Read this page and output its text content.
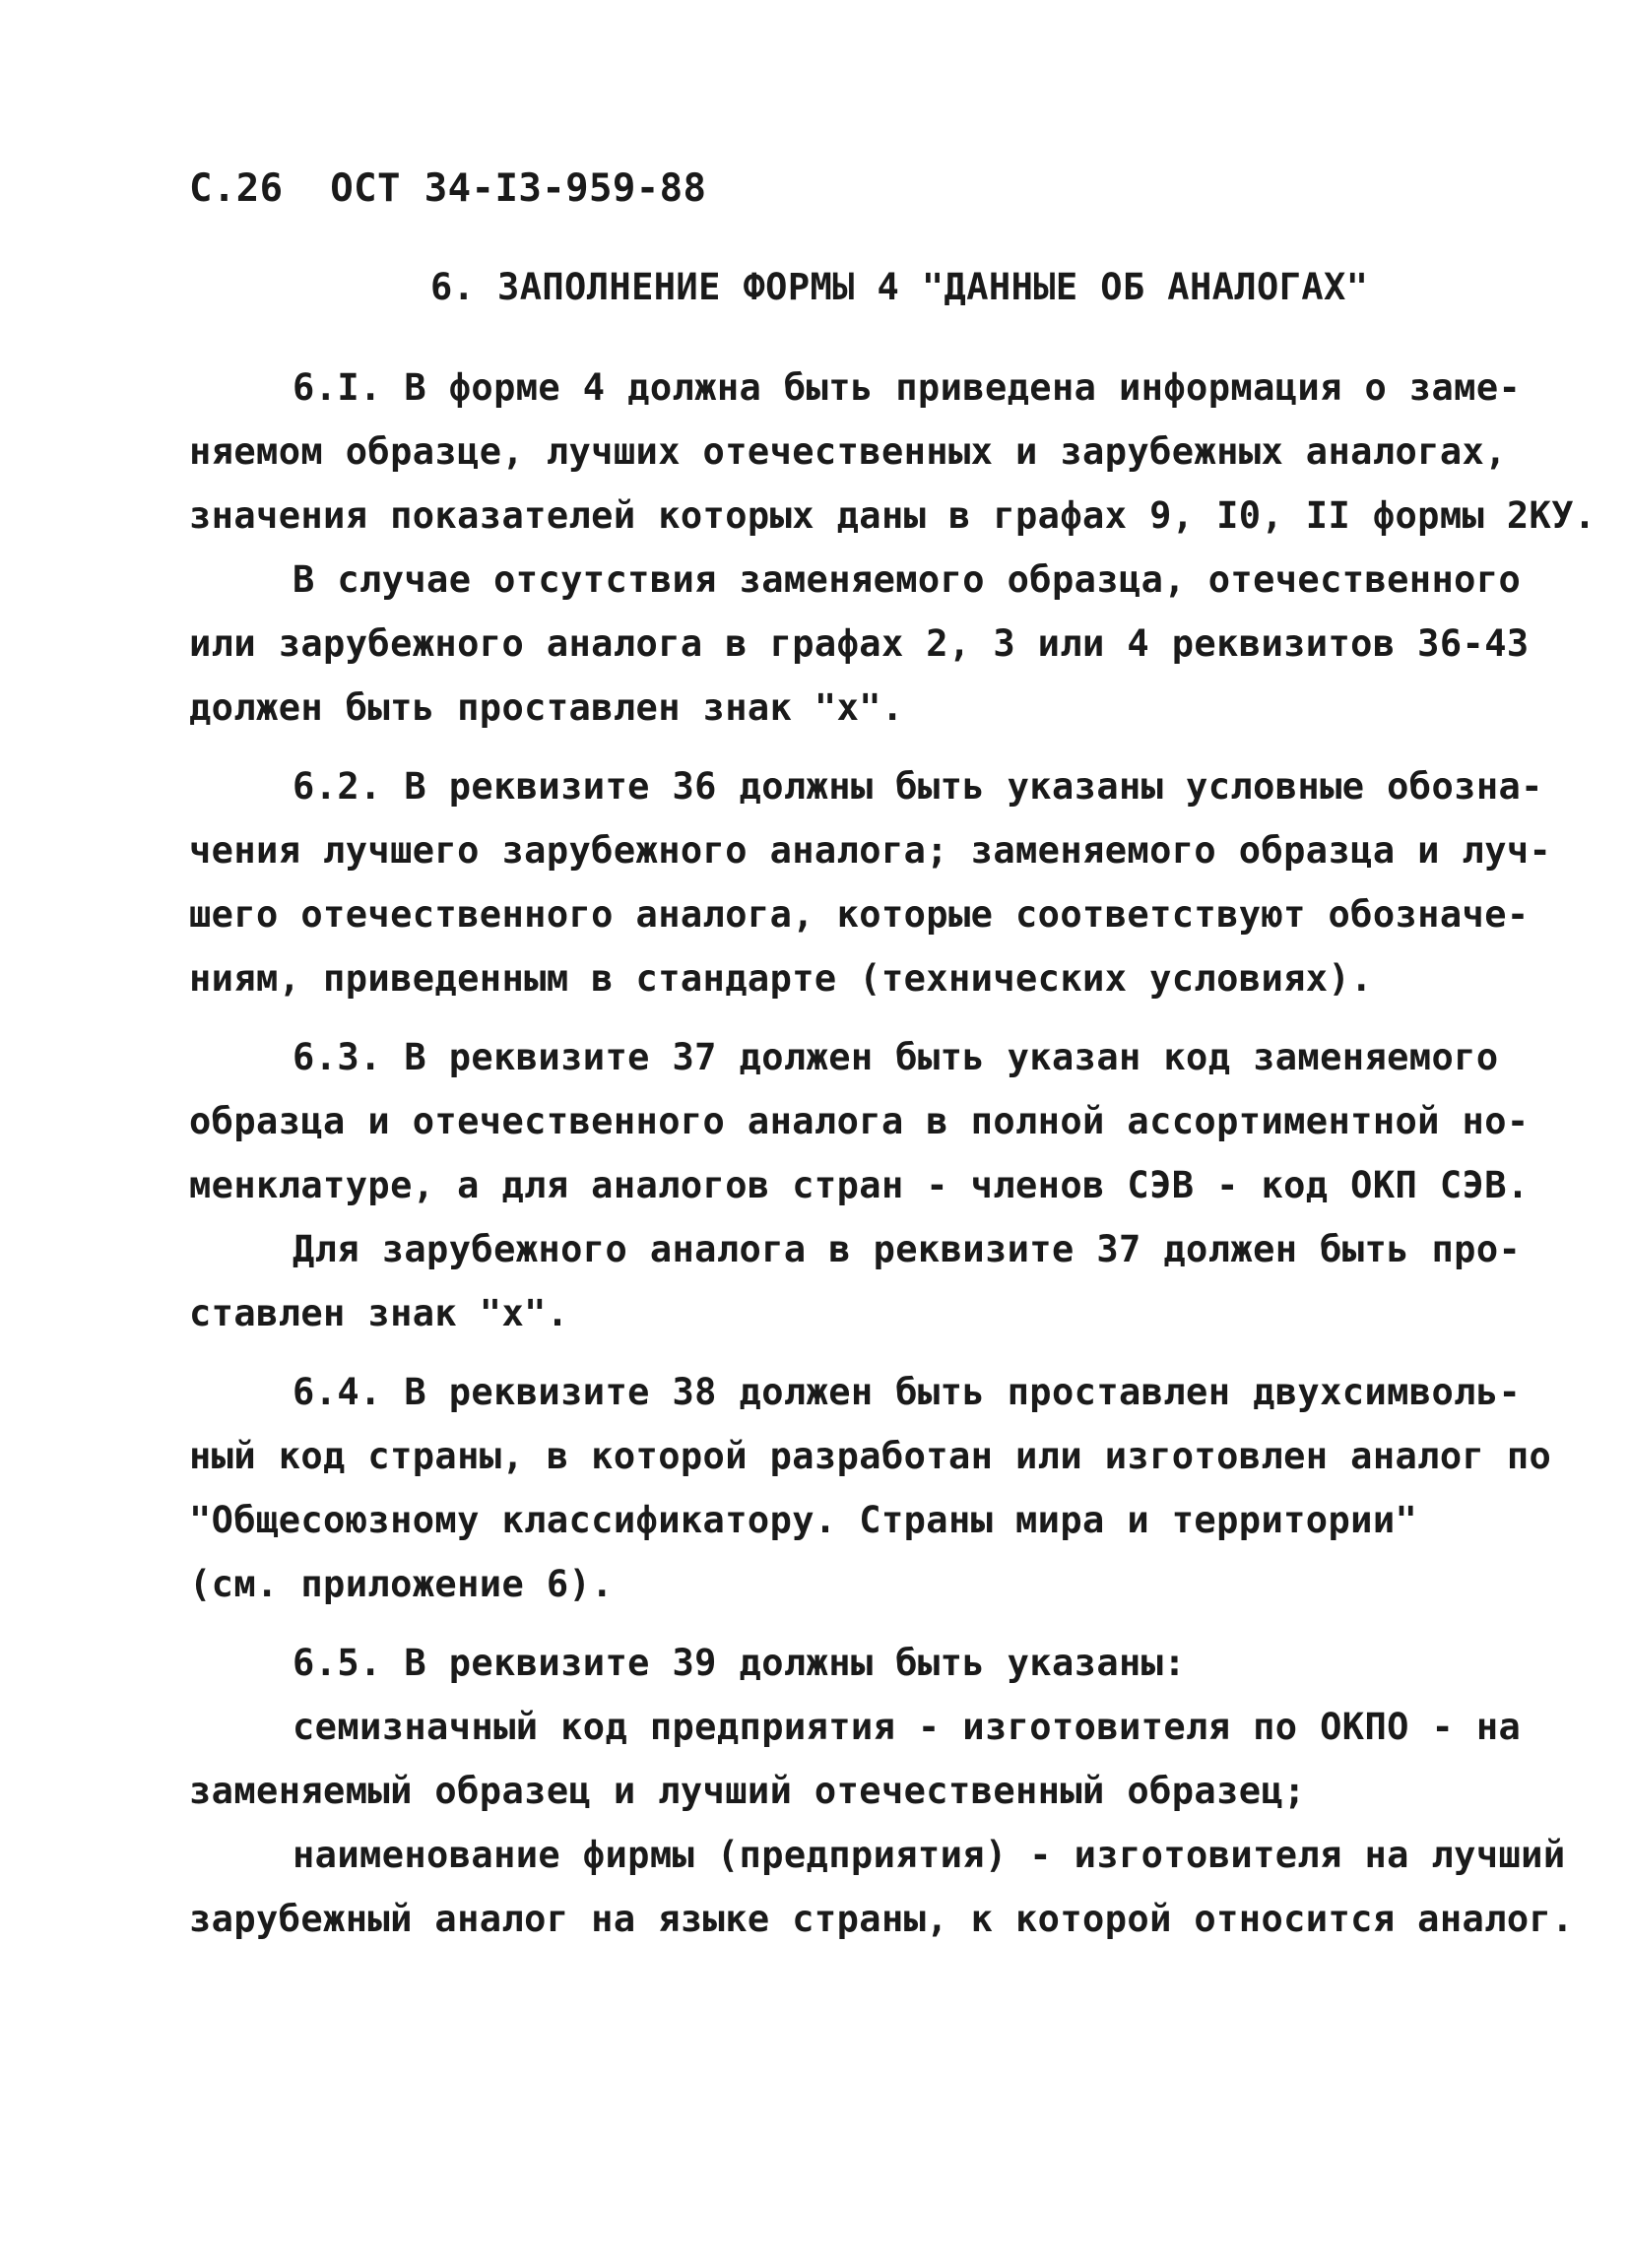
С.26  ОСТ 34-I3-959-88
6. ЗАПОЛНЕНИЕ ФОРМЫ 4 "ДАННЫЕ ОБ АНАЛОГАХ"
6.I. В форме 4 должна быть приведена информация о заме-
няемом образце, лучших отечественных и зарубежных аналогах,
значения показателей которых даны в графах 9, I0, II формы 2КУ.
В случае отсутствия заменяемого образца, отечественного
или зарубежного аналога в графах 2, 3 или 4 реквизитов 36-43
должен быть проставлен знак "x".
6.2. В реквизите 36 должны быть указаны условные обозна-
чения лучшего зарубежного аналога; заменяемого образца и луч-
шего отечественного аналога, которые соответствуют обозначе-
ниям, приведенным в стандарте (технических условиях).
6.3. В реквизите 37 должен быть указан код заменяемого
образца и отечественного аналога в полной ассортиментной но-
менклатуре, а для аналогов стран - членов СЭВ - код ОКП СЭВ.
Для зарубежного аналога в реквизите 37 должен быть про-
ставлен знак "x".
6.4. В реквизите 38 должен быть проставлен двухсимволь-
ный код страны, в которой разработан или изготовлен аналог по
"Общесоюзному классификатору. Страны мира и территории"
(см. приложение 6).
6.5. В реквизите 39 должны быть указаны:
семизначный код предприятия - изготовителя по ОКПО - на
заменяемый образец и лучший отечественный образец;
наименование фирмы (предприятия) - изготовителя на лучший
зарубежный аналог на языке страны, к которой относится аналог.
